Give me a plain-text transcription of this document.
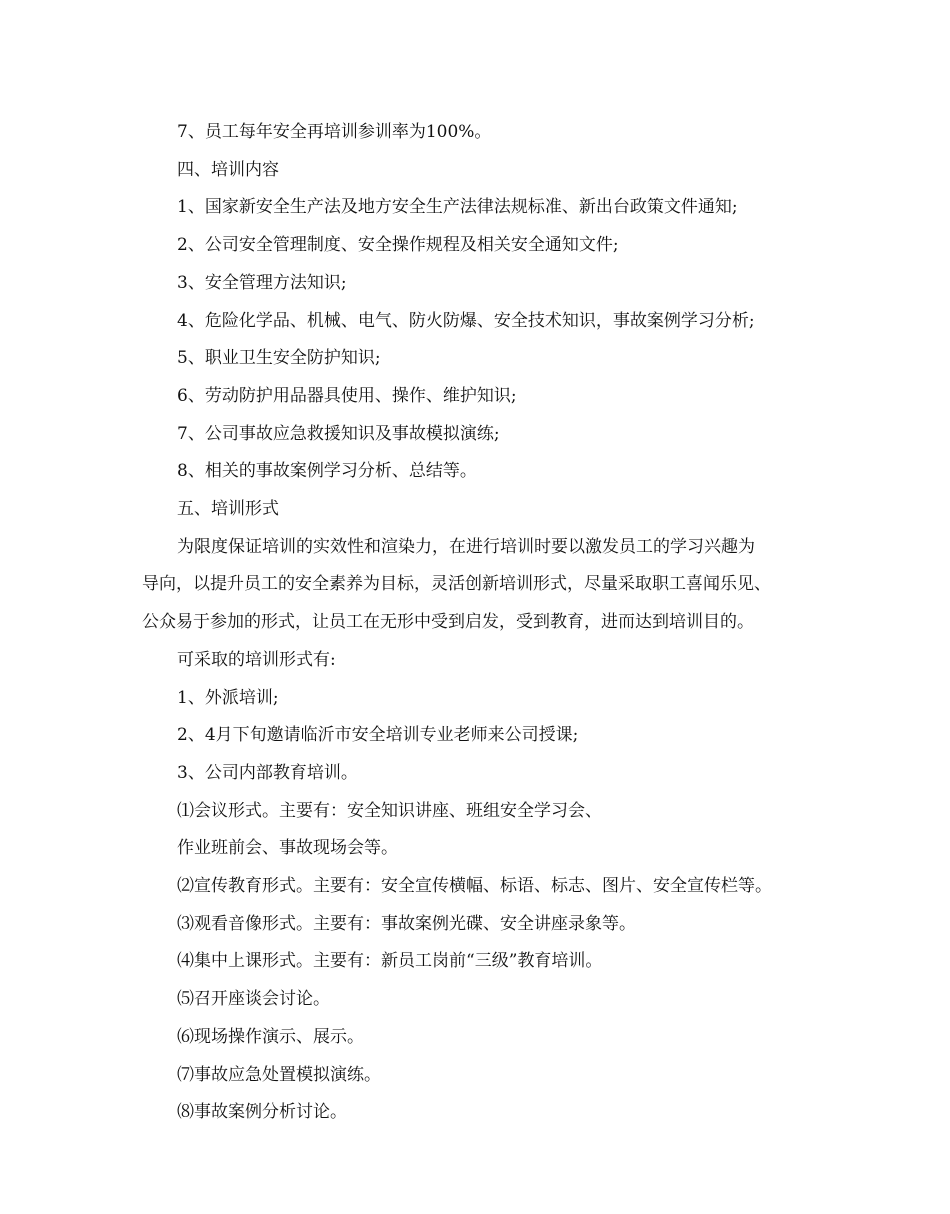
7、员工每年安全再培训参训率为100%。

四、培训内容

1、国家新安全生产法及地方安全生产法律法规标准、新出台政策文件通知;

2、公司安全管理制度、安全操作规程及相关安全通知文件;

3、安全管理方法知识;

4、危险化学品、机械、电气、防火防爆、安全技术知识，事故案例学习分析;

5、职业卫生安全防护知识;

6、劳动防护用品器具使用、操作、维护知识;

7、公司事故应急救援知识及事故模拟演练;

8、相关的事故案例学习分析、总结等。

五、培训形式

为限度保证培训的实效性和渲染力，在进行培训时要以激发员工的学习兴趣为

导向，以提升员工的安全素养为目标，灵活创新培训形式，尽量采取职工喜闻乐见、

公众易于参加的形式，让员工在无形中受到启发，受到教育，进而达到培训目的。

可采取的培训形式有:

1、外派培训;

2、4月下旬邀请临沂市安全培训专业老师来公司授课;

3、公司内部教育培训。

⑴会议形式。主要有：安全知识讲座、班组安全学习会、

作业班前会、事故现场会等。

⑵宣传教育形式。主要有：安全宣传横幅、标语、标志、图片、安全宣传栏等。

⑶观看音像形式。主要有：事故案例光碟、安全讲座录象等。

⑷集中上课形式。主要有：新员工岗前“三级”教育培训。

⑸召开座谈会讨论。

⑹现场操作演示、展示。

⑺事故应急处置模拟演练。

⑻事故案例分析讨论。
